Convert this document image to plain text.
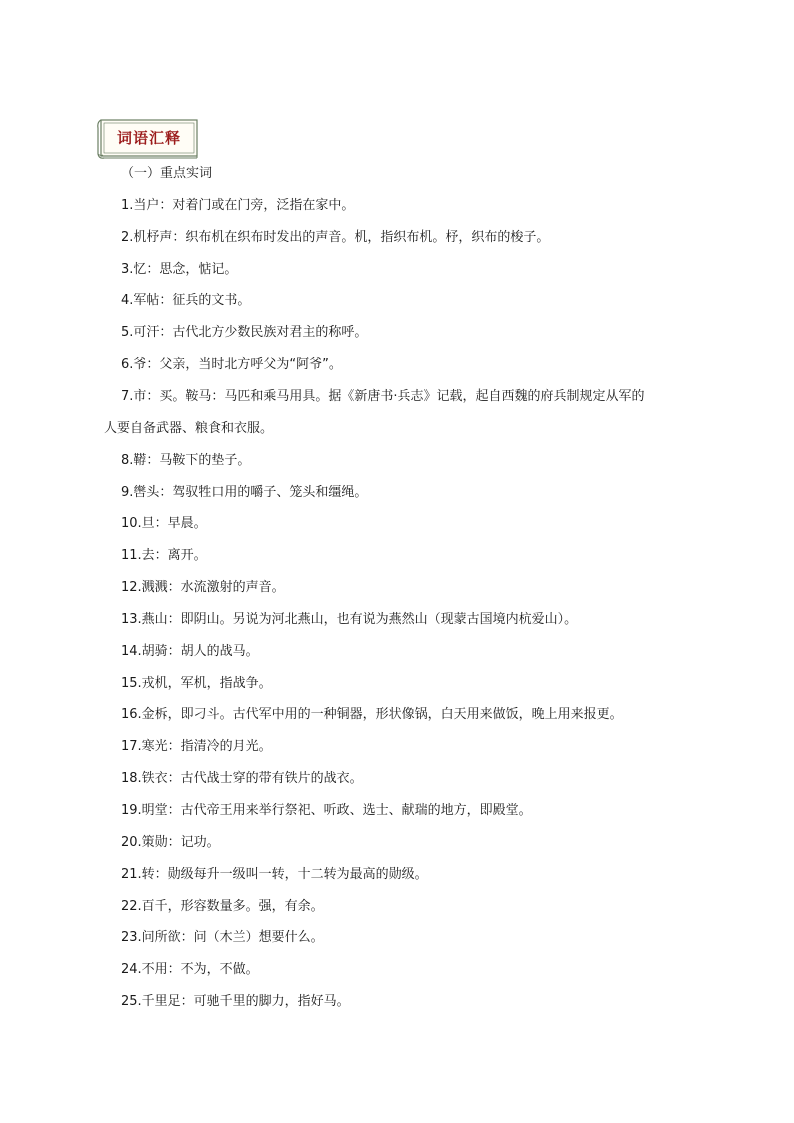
词语汇释
（一）重点实词
1.当户：对着门或在门旁，泛指在家中。
2.机杼声：织布机在织布时发出的声音。机，指织布机。杼，织布的梭子。
3.忆：思念，惦记。
4.军帖：征兵的文书。
5.可汗：古代北方少数民族对君主的称呼。
6.爷：父亲，当时北方呼父为“阿爷”。
7.市：买。鞍马：马匹和乘马用具。据《新唐书·兵志》记载，起自西魏的府兵制规定从军的
人要自备武器、粮食和衣服。
8.鞯：马鞍下的垫子。
9.辔头：驾驭牲口用的嚼子、笼头和缰绳。
10.旦：早晨。
11.去：离开。
12.溅溅：水流激射的声音。
13.燕山：即阴山。另说为河北燕山，也有说为燕然山（现蒙古国境内杭爱山）。
14.胡骑：胡人的战马。
15.戎机，军机，指战争。
16.金柝，即刁斗。古代军中用的一种铜器，形状像锅，白天用来做饭，晚上用来报更。
17.寒光：指清冷的月光。
18.铁衣：古代战士穿的带有铁片的战衣。
19.明堂：古代帝王用来举行祭祀、听政、选士、献瑞的地方，即殿堂。
20.策勋：记功。
21.转：勋级每升一级叫一转，十二转为最高的勋级。
22.百千，形容数量多。强，有余。
23.问所欲：问（木兰）想要什么。
24.不用：不为，不做。
25.千里足：可驰千里的脚力，指好马。
